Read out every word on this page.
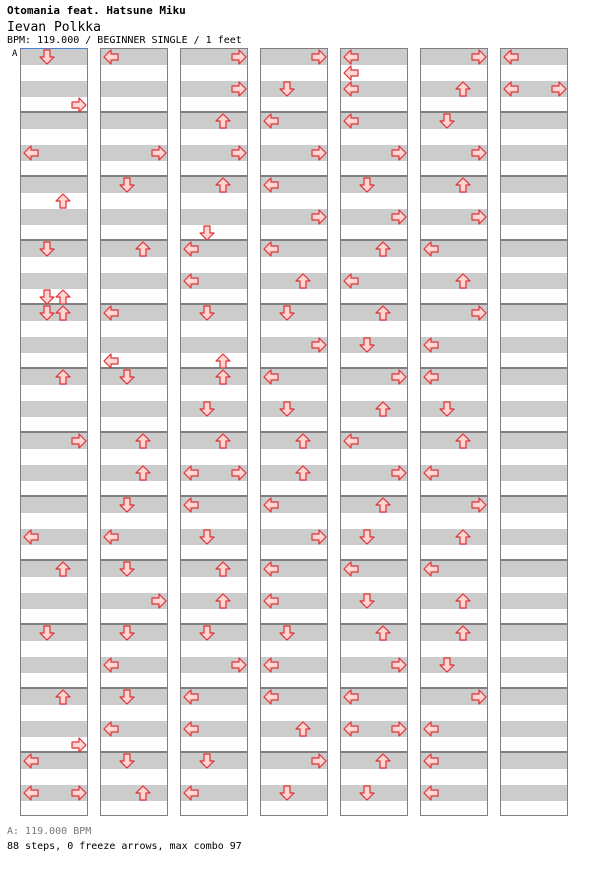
Otomania feat. Hatsune Miku
Ievan Polkka
BPM: 119.000 / BEGINNER SINGLE / 1 feet
A
A: 119.000 BPM
88 steps, 0 freeze arrows, max combo 97
